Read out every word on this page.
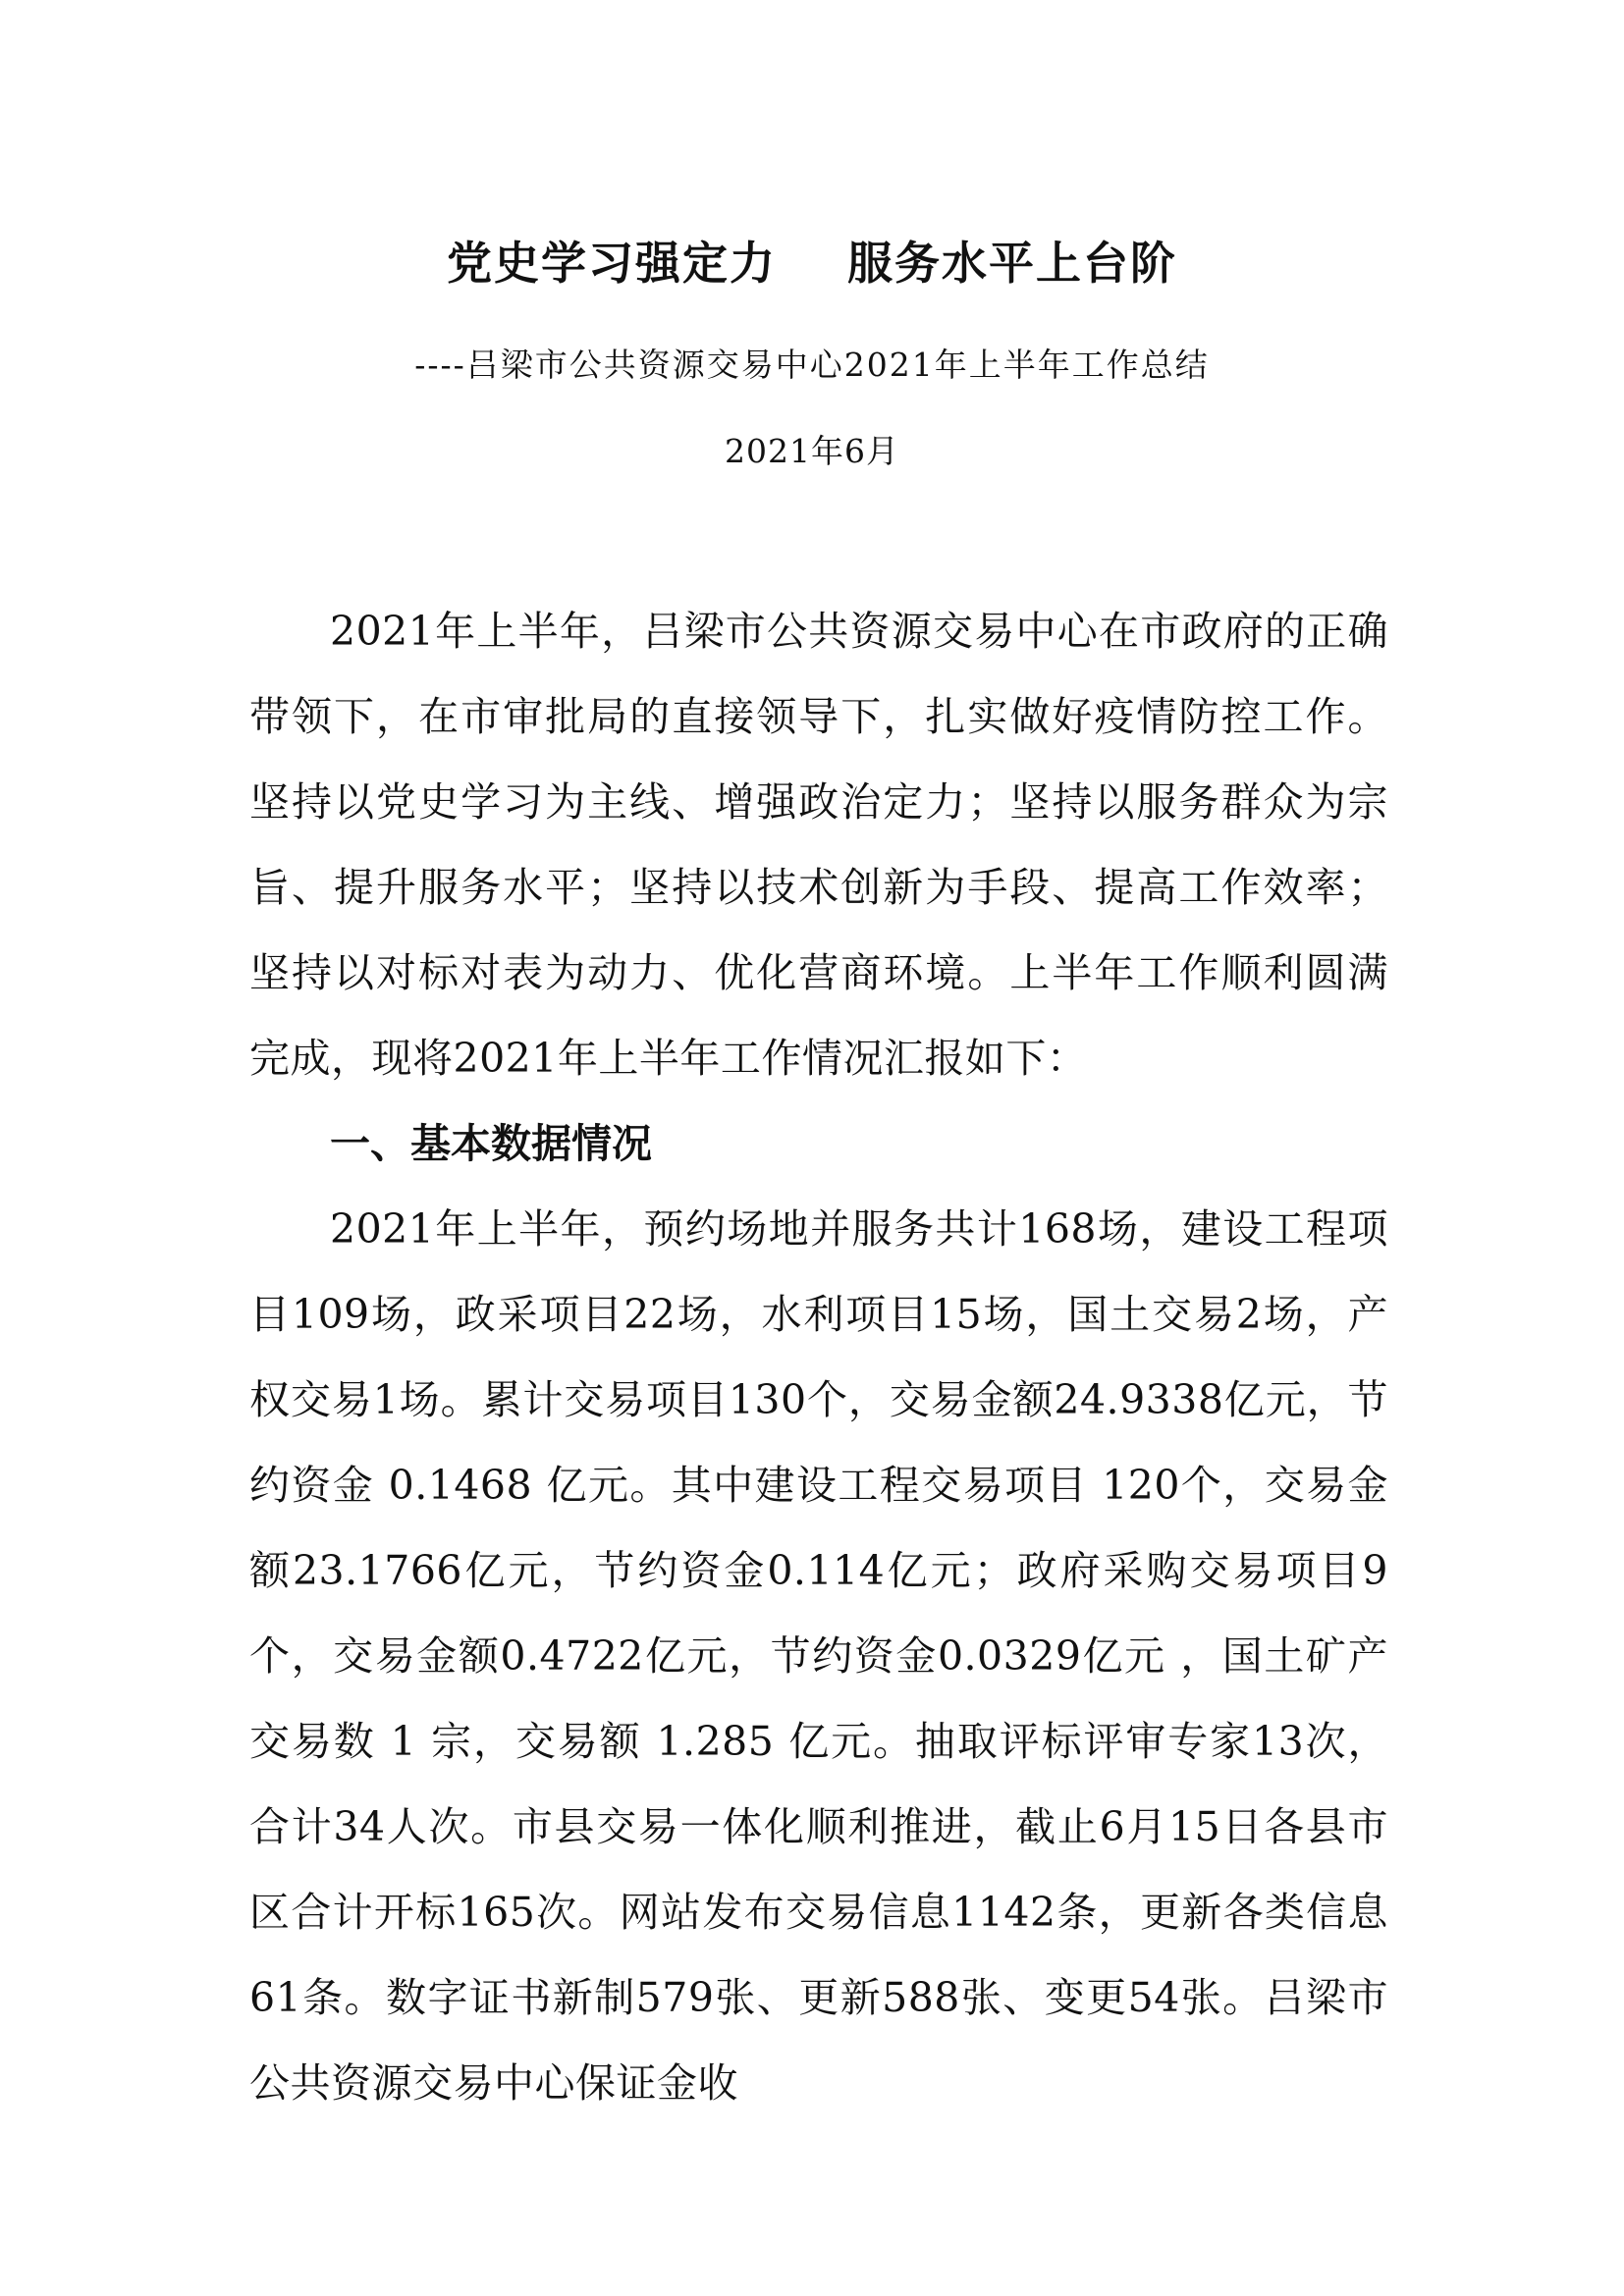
党史学习强定力    服务水平上台阶
----吕梁市公共资源交易中心2021年上半年工作总结
2021年6月

2021年上半年，吕梁市公共资源交易中心在市政府的正确带领下，在市审批局的直接领导下，扎实做好疫情防控工作。坚持以党史学习为主线、增强政治定力；坚持以服务群众为宗旨、提升服务水平；坚持以技术创新为手段、提高工作效率；坚持以对标对表为动力、优化营商环境。上半年工作顺利圆满完成，现将2021年上半年工作情况汇报如下：

一、基本数据情况

2021年上半年，预约场地并服务共计168场，建设工程项目109场，政采项目22场，水利项目15场，国土交易2场，产权交易1场。累计交易项目130个，交易金额24.9338亿元，节约资金 0.1468 亿元。其中建设工程交易项目 120个，交易金额23.1766亿元，节约资金0.114亿元；政府采购交易项目9个，交易金额0.4722亿元，节约资金0.0329亿元 ，国土矿产交易数 1 宗，交易额 1.285 亿元。抽取评标评审专家13次，合计34人次。市县交易一体化顺利推进，截止6月15日各县市区合计开标165次。网站发布交易信息1142条，更新各类信息61条。数字证书新制579张、更新588张、变更54张。吕梁市公共资源交易中心保证金收
